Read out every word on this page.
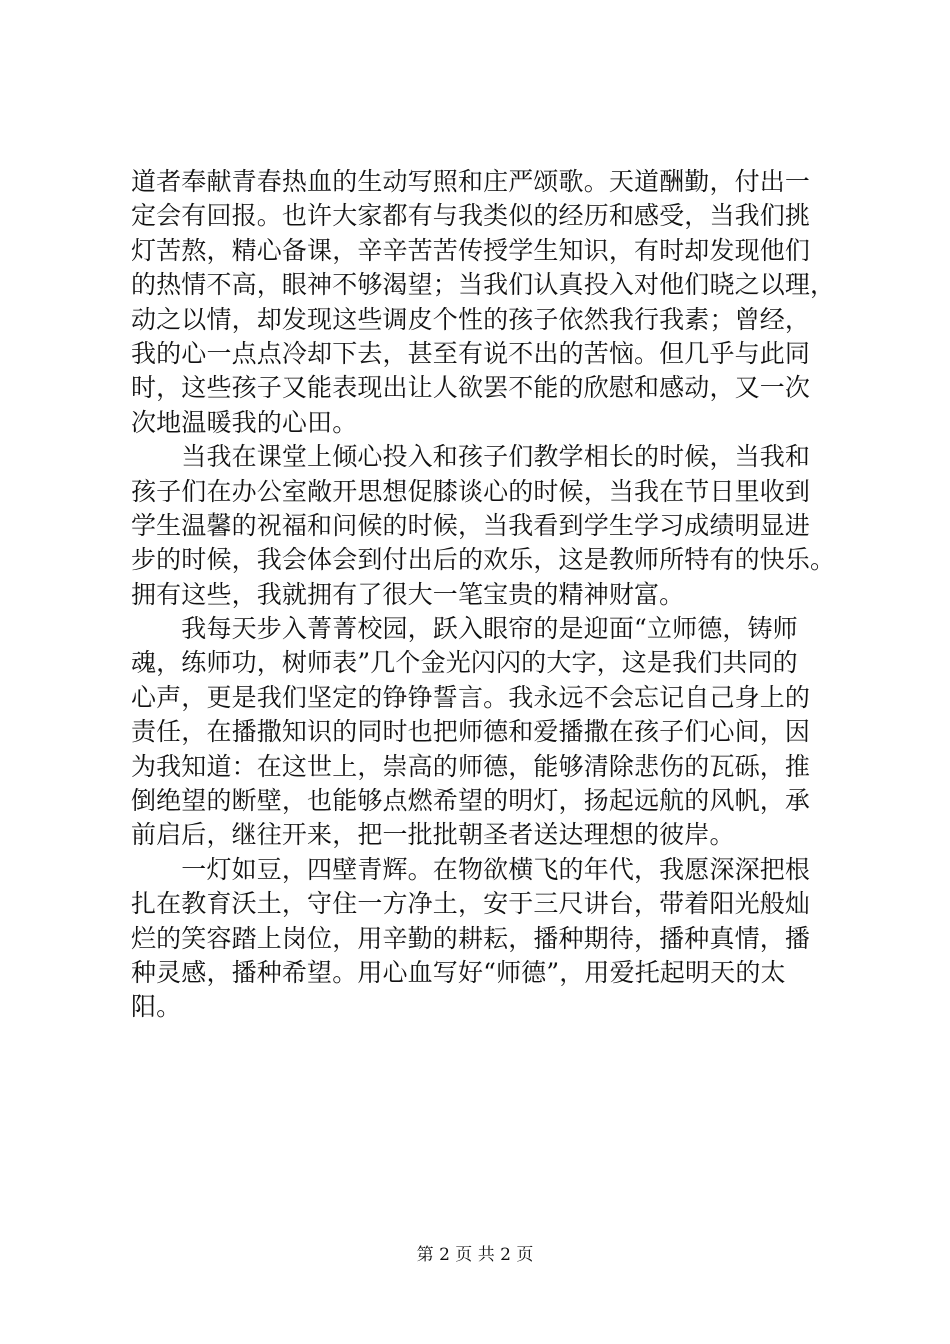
道者奉献青春热血的生动写照和庄严颂歌。天道酬勤，付出一
定会有回报。也许大家都有与我类似的经历和感受，当我们挑
灯苦熬，精心备课，辛辛苦苦传授学生知识，有时却发现他们
的热情不高，眼神不够渴望；当我们认真投入对他们晓之以理，
动之以情，却发现这些调皮个性的孩子依然我行我素；曾经，
我的心一点点冷却下去，甚至有说不出的苦恼。但几乎与此同
时，这些孩子又能表现出让人欲罢不能的欣慰和感动，又一次
次地温暖我的心田。
　　当我在课堂上倾心投入和孩子们教学相长的时候，当我和
孩子们在办公室敞开思想促膝谈心的时候，当我在节日里收到
学生温馨的祝福和问候的时候，当我看到学生学习成绩明显进
步的时候，我会体会到付出后的欢乐，这是教师所特有的快乐。
拥有这些，我就拥有了很大一笔宝贵的精神财富。
　　我每天步入菁菁校园，跃入眼帘的是迎面“立师德，铸师
魂，练师功，树师表”几个金光闪闪的大字，这是我们共同的
心声，更是我们坚定的铮铮誓言。我永远不会忘记自己身上的
责任，在播撒知识的同时也把师德和爱播撒在孩子们心间，因
为我知道：在这世上，崇高的师德，能够清除悲伤的瓦砾，推
倒绝望的断壁，也能够点燃希望的明灯，扬起远航的风帆，承
前启后，继往开来，把一批批朝圣者送达理想的彼岸。
　　一灯如豆，四壁青辉。在物欲横飞的年代，我愿深深把根
扎在教育沃土，守住一方净土，安于三尺讲台，带着阳光般灿
烂的笑容踏上岗位，用辛勤的耕耘，播种期待，播种真情，播
种灵感，播种希望。用心血写好“师德”，用爱托起明天的太
阳。
第 2 页 共 2 页
